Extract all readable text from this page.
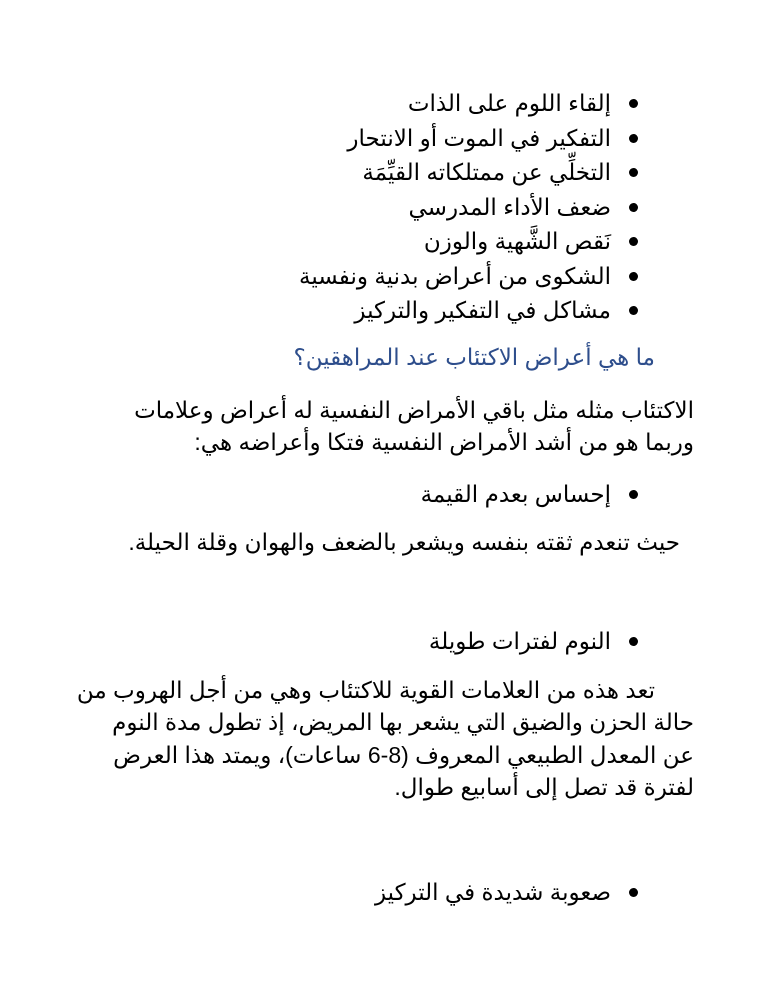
إلقاء اللوم على الذات
التفكير في الموت أو الانتحار
التخلِّي عن ممتلكاته القيِّمَة
ضعف الأداء المدرسي
نَقص الشَّهية والوزن
الشكوى من أعراض بدنية ونفسية
مشاكل في التفكير والتركيز
ما هي أعراض الاكتئاب عند المراهقين؟
الاكتئاب مثله مثل باقي الأمراض النفسية له أعراض وعلامات
وربما هو من أشد الأمراض النفسية فتكا وأعراضه هي:
إحساس بعدم القيمة
حيث تنعدم ثقته بنفسه ويشعر بالضعف والهوان وقلة الحيلة.
النوم لفترات طويلة
تعد هذه من العلامات القوية للاكتئاب وهي من أجل الهروب من
حالة الحزن والضيق التي يشعر بها المريض، إذ تطول مدة النوم
عن المعدل الطبيعي المعروف (8-6 ساعات)، ويمتد هذا العرض
لفترة قد تصل إلى أسابيع طوال.
صعوبة شديدة في التركيز
